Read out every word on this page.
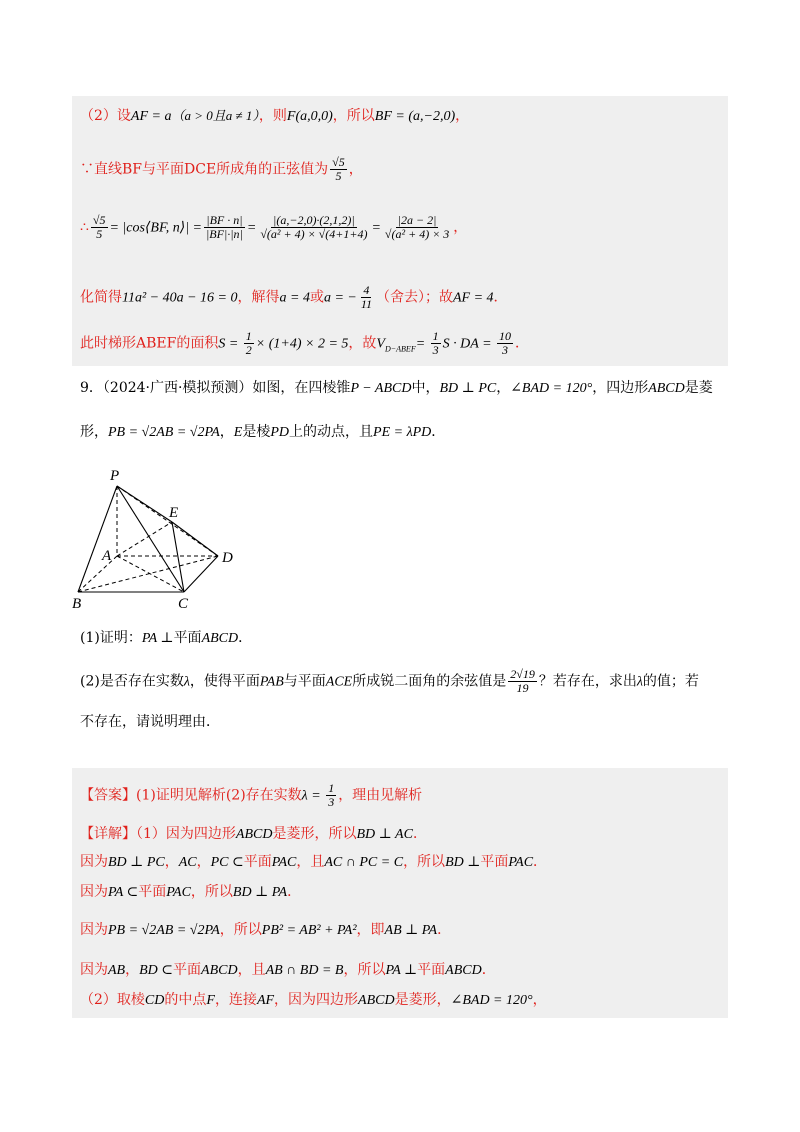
（2）设AF = a（a > 0且a ≠ 1），则F(a,0,0)，所以BF = (a,−2,0)，
∵直线BF与平面DCE所成角的正弦值为 $\frac{√5}{5}$ ，
∴ $\frac{√5}{5}$ = |cos⟨BF, n⟩| = $\frac{|BF \cdot n|}{|BF|\cdot|n|} = \frac{|(a,-2,0)\cdot(2,1,2)|}{\text{√(a² + 4) × √(4+1+4)}} = \frac{|2a - 2|}{\text{√(a² + 4) × 3}}$ ，
化简得11a² − 40a − 16 = 0，解得a = 4或a = − $\frac{4}{11}$ （舍去）；故AF = 4．
此时梯形ABEF的面积$S = \frac{1}{2} \times (1+4) \times 2 = 5$，故$V_{D-ABEF}= \frac{1}{3}$ S · DA = $\frac{10}{3}$ ．
9．（2024·广西·模拟预测）如图，在四棱锥P − ABCD中，BD ⊥ PC，∠BAD = 120°，四边形ABCD是菱
形，PB = √2AB = √2PA，E是棱PD上的动点，且PE = λPD．
P
E
A	D
B	C
(1)证明：PA ⊥平面ABCD．
(2)是否存在实数λ，使得平面PAB与平面ACE所成锐二面角的余弦值是 $\frac{2√19}{19}$ ？若存在，求出λ的值；若
不存在，请说明理由．
【答案】(1)证明见解析(2)存在实数$\lambda = \frac{1}{3}$ ，理由见解析
【详解】（1）因为四边形ABCD是菱形，所以BD ⊥ AC．
因为BD ⊥ PC，AC，PC ⊂平面PAC，且AC ∩ PC = C，所以BD ⊥平面PAC．
因为PA ⊂平面PAC，所以BD ⊥ PA．
因为PB = √2AB = √2PA，所以PB² = AB² + PA²，即AB ⊥ PA．
因为AB，BD ⊂平面ABCD，且AB ∩ BD = B，所以PA ⊥平面ABCD．
（2）取棱CD的中点F，连接AF，因为四边形ABCD是菱形，∠BAD = 120°，
